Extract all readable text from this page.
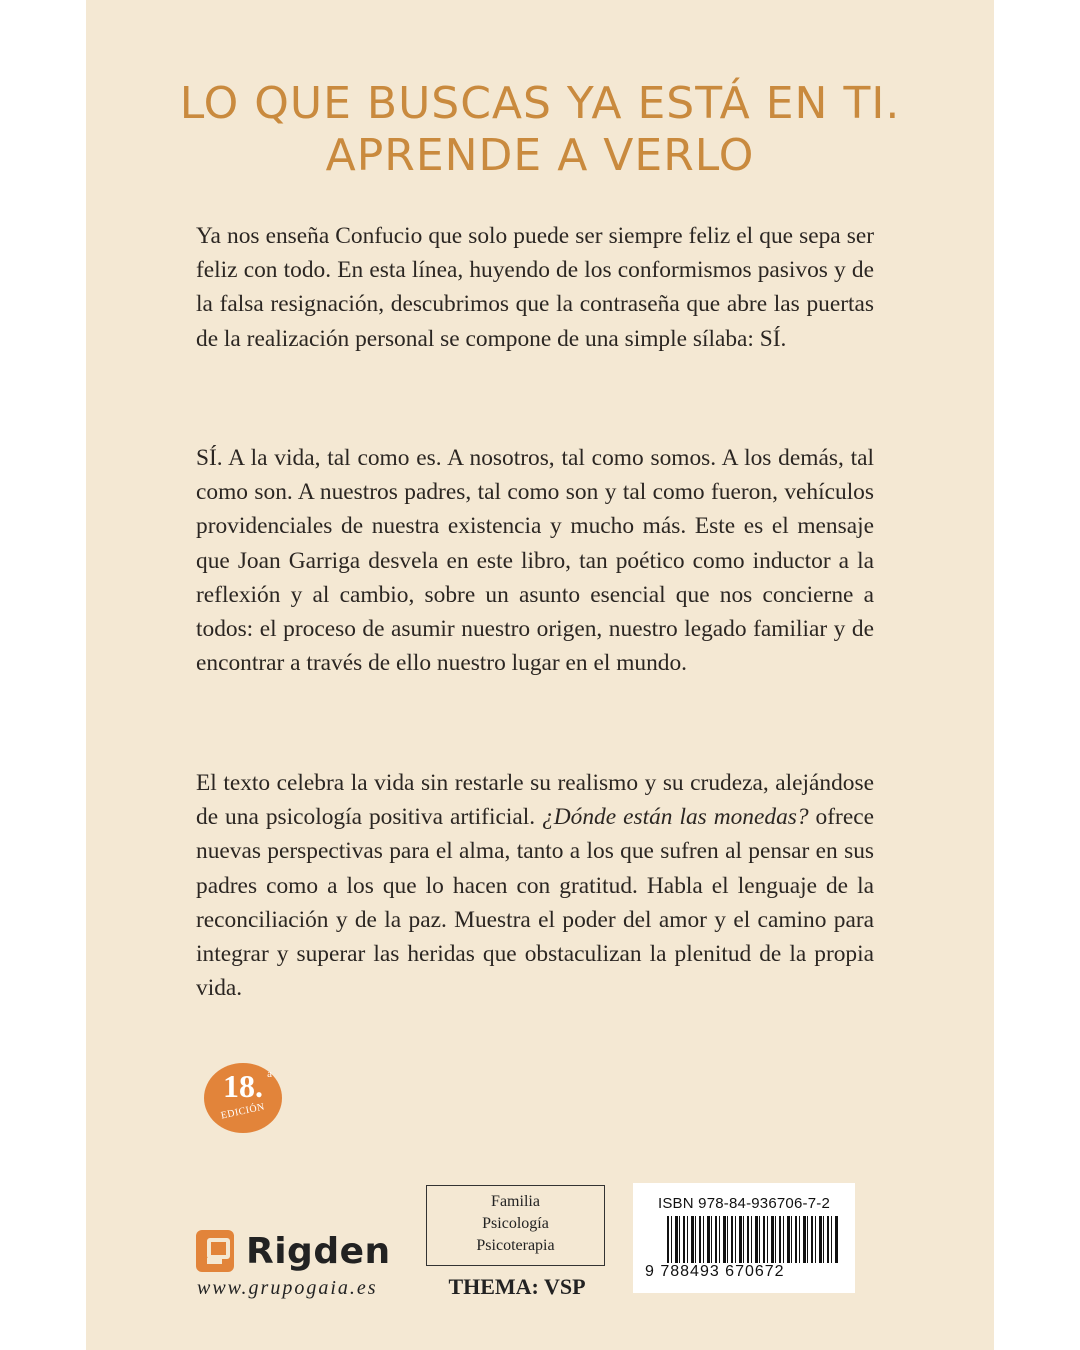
LO QUE BUSCAS YA ESTÁ EN TI.
APRENDE A VERLO

Ya nos enseña Confucio que solo puede ser siempre feliz el que sepa ser feliz con todo. En esta línea, huyendo de los conformismos pasivos y de la falsa resignación, descubrimos que la contraseña que abre las puertas de la realización personal se compone de una simple sílaba: SÍ.

SÍ. A la vida, tal como es. A nosotros, tal como somos. A los demás, tal como son. A nuestros padres, tal como son y tal como fueron, vehículos providenciales de nuestra existencia y mucho más. Este es el mensaje que Joan Garriga desvela en este libro, tan poético como inductor a la reflexión y al cambio, sobre un asunto esencial que nos concierne a todos: el proceso de asumir nuestro origen, nuestro legado familiar y de encontrar a través de ello nuestro lugar en el mundo.

El texto celebra la vida sin restarle su realismo y su crudeza, alejándose de una psicología positiva artificial. ¿Dónde están las monedas? ofrece nuevas perspectivas para el alma, tanto a los que sufren al pensar en sus padres como a los que lo hacen con gratitud. Habla el lenguaje de la reconciliación y de la paz. Muestra el poder del amor y el camino para integrar y superar las heridas que obstaculizan la plenitud de la propia vida.

18. a
EDICIÓN
Rigden
www.grupogaia.es
Familia
Psicología
Psicoterapia
THEMA: VSP
ISBN 978-84-936706-7-2
9 788493 670672
